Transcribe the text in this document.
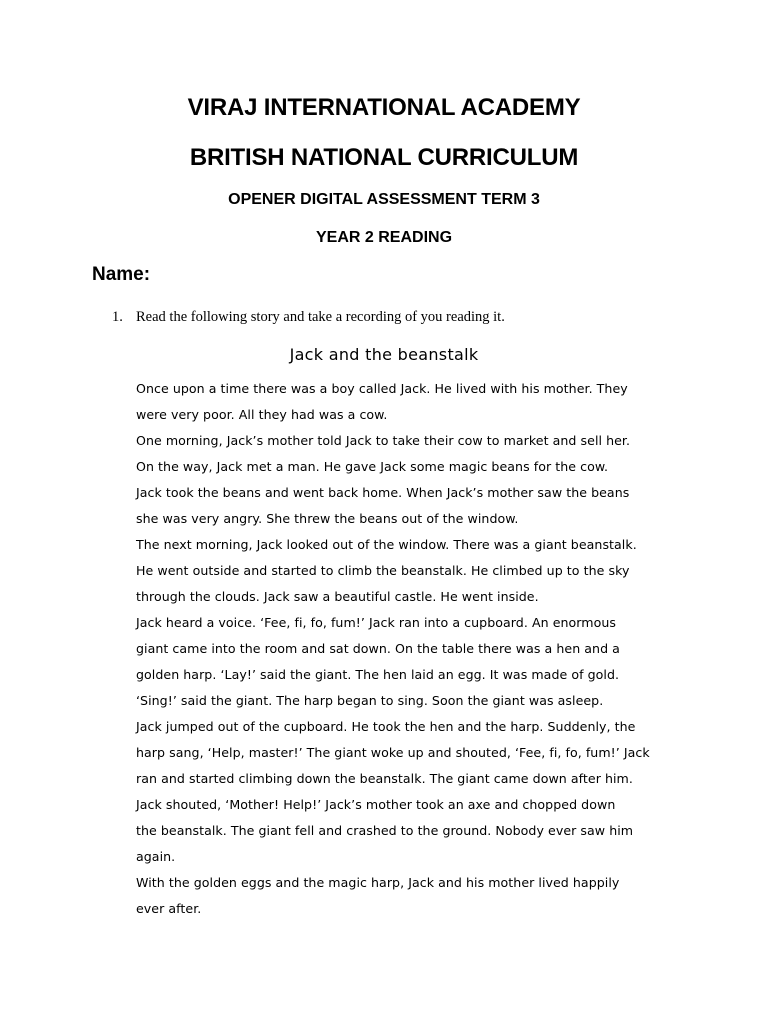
VIRAJ INTERNATIONAL ACADEMY
BRITISH NATIONAL CURRICULUM
OPENER DIGITAL ASSESSMENT TERM 3
YEAR 2 READING
Name:
1. Read the following story and take a recording of you reading it.
Jack and the beanstalk
Once upon a time there was a boy called Jack. He lived with his mother. They
were very poor. All they had was a cow.
One morning, Jack’s mother told Jack to take their cow to market and sell her.
On the way, Jack met a man. He gave Jack some magic beans for the cow.
Jack took the beans and went back home. When Jack’s mother saw the beans
she was very angry. She threw the beans out of the window.
The next morning, Jack looked out of the window. There was a giant beanstalk.
He went outside and started to climb the beanstalk. He climbed up to the sky
through the clouds. Jack saw a beautiful castle. He went inside.
Jack heard a voice. ‘Fee, fi, fo, fum!’ Jack ran into a cupboard. An enormous
giant came into the room and sat down. On the table there was a hen and a
golden harp. ‘Lay!’ said the giant. The hen laid an egg. It was made of gold.
‘Sing!’ said the giant. The harp began to sing. Soon the giant was asleep.
Jack jumped out of the cupboard. He took the hen and the harp. Suddenly, the
harp sang, ‘Help, master!’ The giant woke up and shouted, ‘Fee, fi, fo, fum!’ Jack
ran and started climbing down the beanstalk. The giant came down after him.
Jack shouted, ‘Mother! Help!’ Jack’s mother took an axe and chopped down
the beanstalk. The giant fell and crashed to the ground. Nobody ever saw him
again.
With the golden eggs and the magic harp, Jack and his mother lived happily
ever after.
